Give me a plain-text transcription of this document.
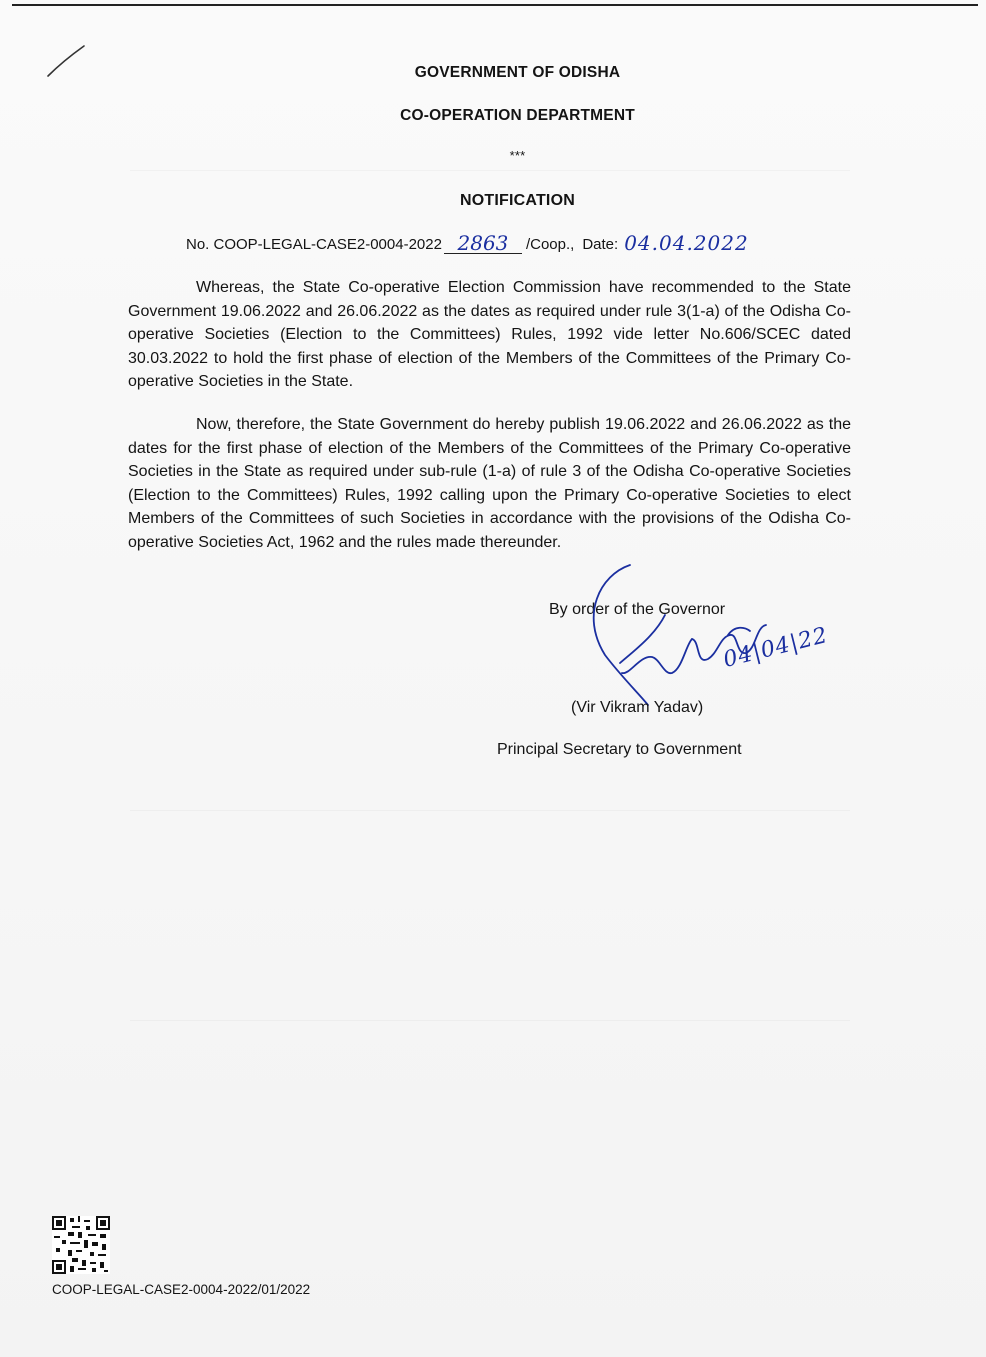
GOVERNMENT OF ODISHA
CO-OPERATION DEPARTMENT
***
NOTIFICATION
No. COOP-LEGAL-CASE2-0004-2022 2863	/Coop., Date: 04.04.2022

Whereas, the State Co-operative Election Commission have recommended to the State Government 19.06.2022 and 26.06.2022 as the dates as required under rule 3(1-a) of the Odisha Co-operative Societies (Election to the Committees) Rules, 1992 vide letter No.606/SCEC dated 30.03.2022 to hold the first phase of election of the Members of the Committees of the Primary Co-operative Societies in the State.

Now, therefore, the State Government do hereby publish 19.06.2022 and 26.06.2022 as the dates for the first phase of election of the Members of the Committees of the Primary Co-operative Societies in the State as required under sub-rule (1-a) of rule 3 of the Odisha Co-operative Societies (Election to the Committees) Rules, 1992 calling upon the Primary Co-operative Societies to elect Members of the Committees of such Societies in accordance with the provisions of the Odisha Co-operative Societies Act, 1962 and the rules made thereunder.

By order of the Governor
04|04|22
(Vir Vikram Yadav)
Principal Secretary to Government
COOP-LEGAL-CASE2-0004-2022/01/2022
